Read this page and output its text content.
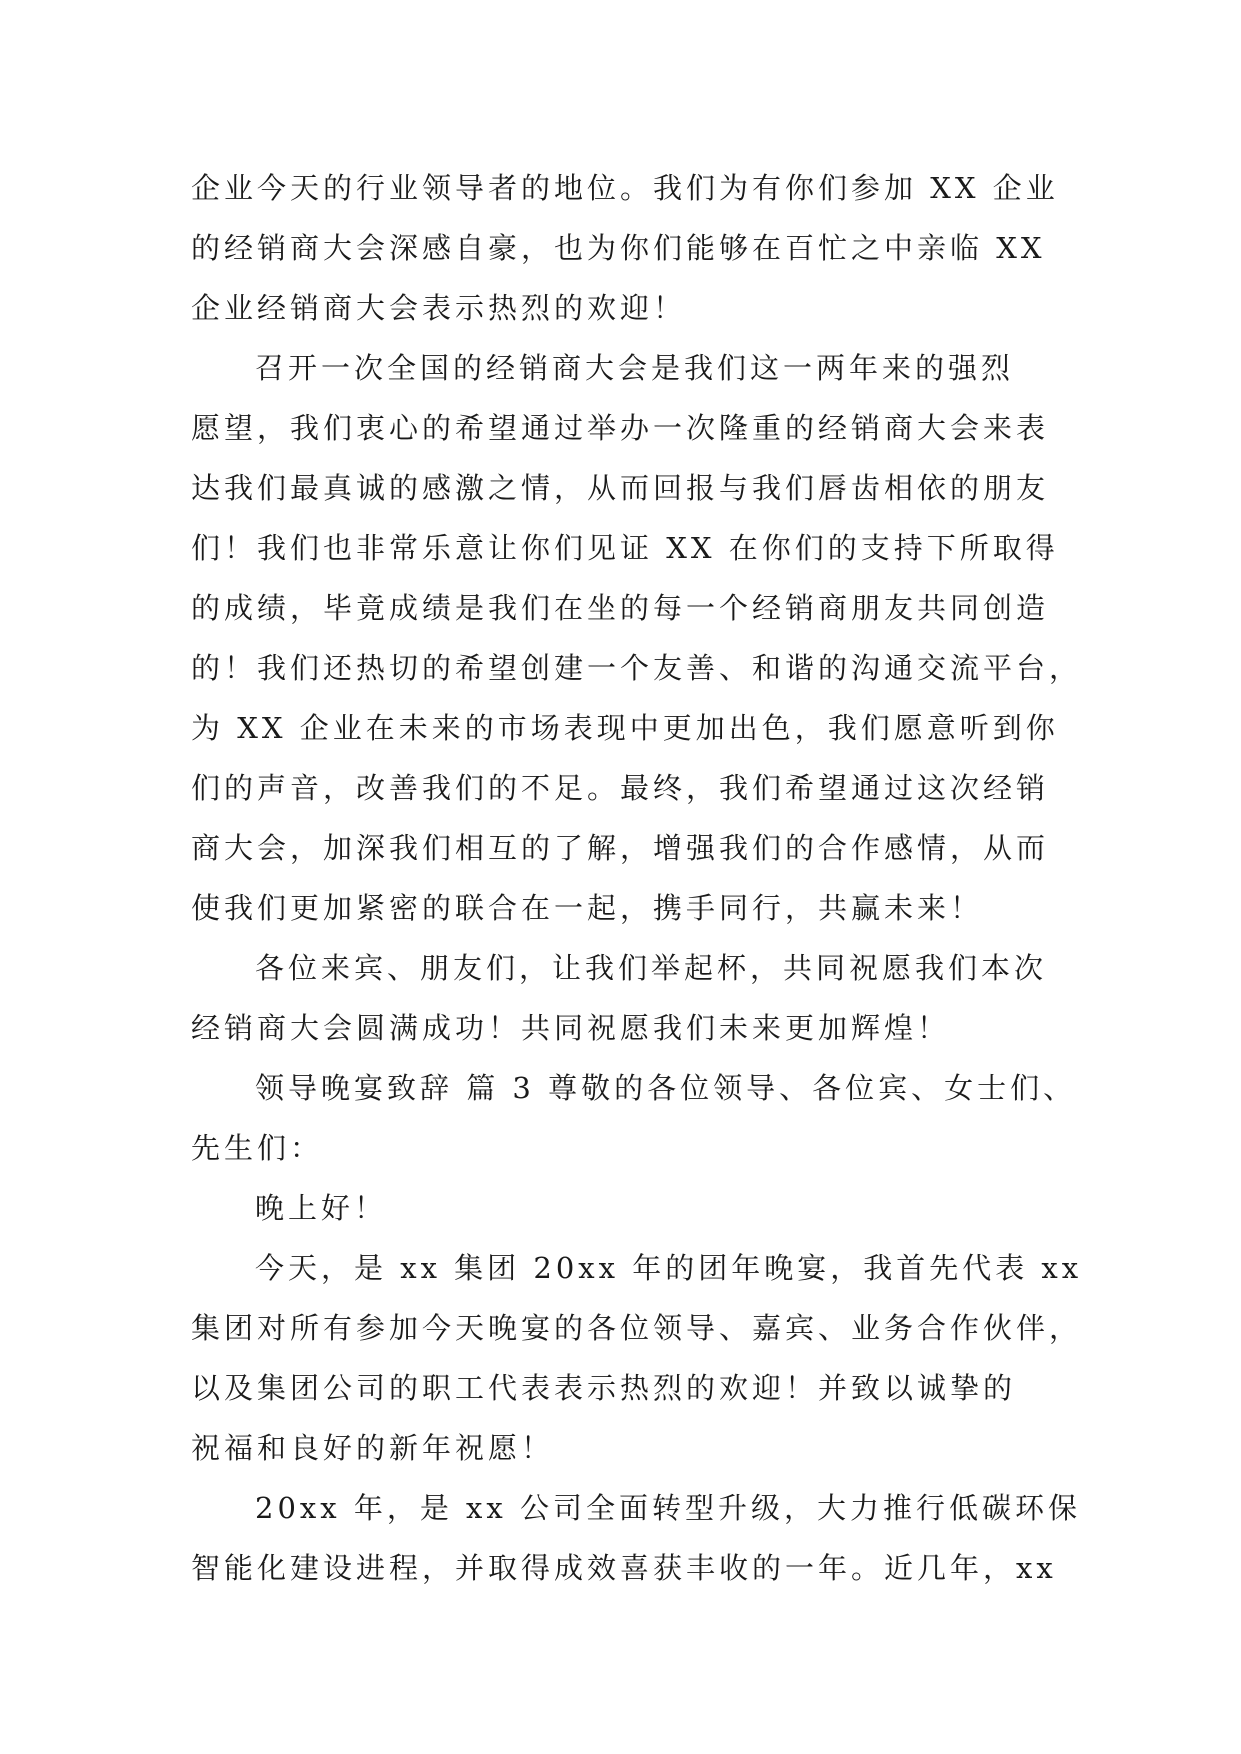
企业今天的行业领导者的地位。我们为有你们参加 XX 企业
的经销商大会深感自豪，也为你们能够在百忙之中亲临 XX
企业经销商大会表示热烈的欢迎！
召开一次全国的经销商大会是我们这一两年来的强烈
愿望，我们衷心的希望通过举办一次隆重的经销商大会来表
达我们最真诚的感激之情，从而回报与我们唇齿相依的朋友
们！我们也非常乐意让你们见证 XX 在你们的支持下所取得
的成绩，毕竟成绩是我们在坐的每一个经销商朋友共同创造
的！我们还热切的希望创建一个友善、和谐的沟通交流平台，
为 XX 企业在未来的市场表现中更加出色，我们愿意听到你
们的声音，改善我们的不足。最终，我们希望通过这次经销
商大会，加深我们相互的了解，增强我们的合作感情，从而
使我们更加紧密的联合在一起，携手同行，共赢未来！
各位来宾、朋友们，让我们举起杯，共同祝愿我们本次
经销商大会圆满成功！共同祝愿我们未来更加辉煌！
领导晚宴致辞 篇 3 尊敬的各位领导、各位宾、女士们、
先生们：
晚上好！
今天，是 xx 集团 20xx 年的团年晚宴，我首先代表 xx
集团对所有参加今天晚宴的各位领导、嘉宾、业务合作伙伴，
以及集团公司的职工代表表示热烈的欢迎！并致以诚挚的
祝福和良好的新年祝愿！
20xx 年，是 xx 公司全面转型升级，大力推行低碳环保
智能化建设进程，并取得成效喜获丰收的一年。近几年，xx
